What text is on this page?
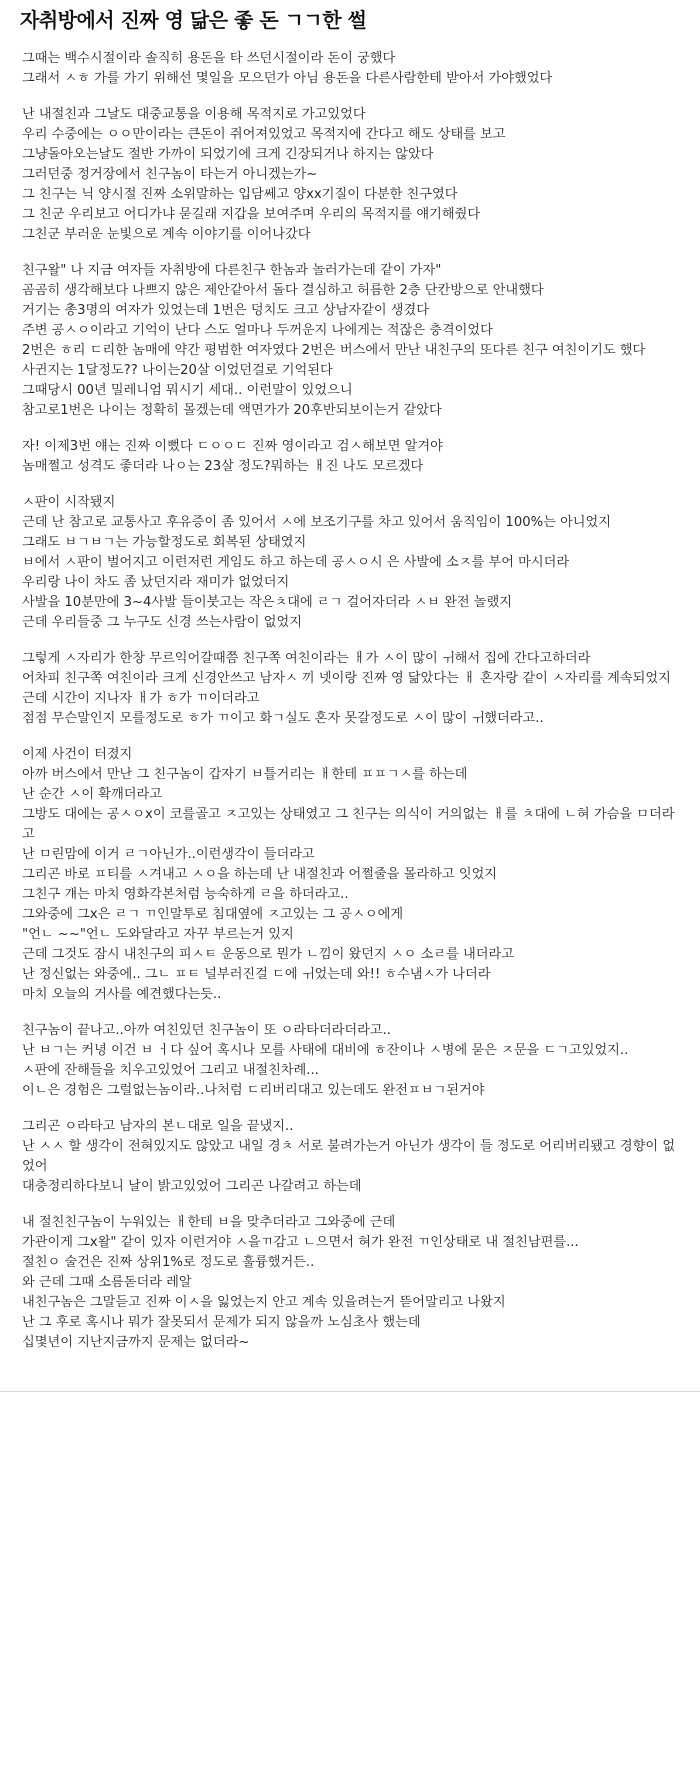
자취방에서 진짜 영 닮은 좋 돈 ㄱㄱ한 썰
그때는 백수시절이라 솔직히 용돈을 타 쓰던시절이라 돈이 궁했다
그래서 ㅅㅎ 가를 가기 위해선 몇일을 모으던가 아님 용돈을 다른사람한테 받아서 가야했었다
난 내절친과 그날도 대중교통을 이용해 목적지로 가고있었다
우리 수중에는 ㅇㅇ만이라는 큰돈이 쥐어져있었고 목적지에 간다고 해도 상태를 보고
그냥돌아오는날도 절반 가까이 되었기에 크게 긴장되거나 하지는 않았다
그러던중 정거장에서 친구놈이 타는거 아니겠는가~
그 친구는 닉 양시절 진짜 소위말하는 입담쎄고 양xx기질이 다분한 친구였다
그 친군 우리보고 어디가냐 묻길래 지갑을 보여주며 우리의 목적지를 얘기해줬다
그친군 부러운 눈빛으로 계속 이야기를 이어나갔다
친구왈" 나 지금 여자들 자취방에 다른친구 한놈과 놀러가는데 같이 가자"
곰곰히 생각해보다 나쁘지 않은 제안같아서 돌다 결심하고 허름한 2층 단칸방으로 안내했다
거기는 총3명의 여자가 있었는데 1번은 덩치도 크고 상남자같이 생겼다
주변 공ㅅㅇ이라고 기억이 난다 스도 얼마나 두꺼운지 나에게는 적잖은 충격이었다
2번은 ㅎ리 ㄷ리한 놈매에 약간 평범한 여자였다 2번은 버스에서 만난 내친구의 또다른 친구 여친이기도 했다
사귄지는 1달정도?? 나이는20살 이었던걸로 기억된다
그때당시 00년 밀레니엄 뭐시기 세대.. 이런말이 있었으니
참고로1번은 나이는 정확히 몰겠는데 액면가가 20후반되보이는거 같았다
자! 이제3번 얘는 진짜 이뻤다 ㄷㅇㅇㄷ 진짜 영이라고 검ㅅ해보면 알겨야
놈매쩔고 성격도 좋더라 나ㅇ는 23살 정도?뭐하는 ㅐ진 나도 모르겠다
ㅅ판이 시작됐지
근데 난 참고로 교통사고 후유증이 좀 있어서 ㅅ에 보조기구를 차고 있어서 움직임이 100%는 아니었지
그래도 ㅂㄱㅂㄱ는 가능할정도로 회복된 상태였지
ㅂ에서 ㅅ판이 벌어지고 이런저런 게임도 하고 하는데 공ㅅㅇ시 은 사발에 소ㅈ를 부어 마시더라
우리랑 나이 차도 좀 났던지라 재미가 없었더지
사발을 10분만에 3~4사발 들이붓고는 작은ㅊ대에 ㄹㄱ 걸어자더라 ㅅㅂ 완전 놀랬지
근데 우리들중 그 누구도 신경 쓰는사람이 없었지
그렇게 ㅅ자리가 한창 무르익어갈때쯤 친구쪽 여친이라는 ㅐ가 ㅅ이 많이 ㅟ해서 집에 간다고하더라
어차피 친구쪽 여친이라 크게 신경안쓰고 남자ㅅ 끼 넷이랑 진짜 영 닮았다는 ㅐ 혼자랑 같이 ㅅ자리를 계속되었지
근데 시간이 지나자 ㅐ가 ㅎ가 ㄲ이더라고
점점 무슨말인지 모를정도로 ㅎ가 ㄲ이고 화ㄱ실도 혼자 못갈정도로 ㅅ이 많이 ㅟ했더라고..
이제 사건이 터졌지
아까 버스에서 만난 그 친구놈이 갑자기 ㅂ틀거리는 ㅐ한테 ㅍㅍㄱㅅ를 하는데
난 순간 ㅅ이 확깨더라고
그방도 대에는 공ㅅㅇx이 코를골고 ㅈ고있는 상태였고 그 친구는 의식이 거의없는 ㅐ를 ㅊ대에 ㄴ혀 가슴을 ㅁ더라고
난 ㅁ린맘에 이거 ㄹㄱ아닌가..이런생각이 들더라고
그리곤 바로 ㅍ티를 ㅅ겨내고 ㅅㅇ을 하는데 난 내절친과 어쩔줄을 몰라하고 잇었지
그친구 걔는 마치 영화각본처럼 능숙하게 ㄹ을 하더라고..
그와중에 그x은 ㄹㄱ ㄲ인말투로 침대옆에 ㅈ고있는 그 공ㅅㅇ에게
"언ㄴ ~~"언ㄴ 도와달라고 자꾸 부르는거 있지
근데 그것도 잠시 내친구의 피ㅅㅌ 운동으로 뭔가 ㄴ낌이 왔던지 ㅅㅇ 소ㄹ를 내더라고
난 정신없는 와중에.. 그ㄴ ㅍㅌ 널부러진걸 ㄷ에 ㅟ었는데 와!! ㅎ수냄ㅅ가 나더라
마치 오늘의 거사를 예견했다는듯..
친구놈이 끝나고..아까 여친있던 친구놈이 또 ㅇ라타더라더라고..
난 ㅂㄱ는 커녕 이건 ㅂ ㅓ다 싶어 혹시나 모를 사태에 대비에 ㅎ잔이나 ㅅ병에 묻은 ㅈ문을 ㄷㄱ고있었지..
ㅅ판에 잔해들을 치우고있었어 그리고 내절친차례...
이ㄴ은 경험은 그럴없는놈이라..나처럼 ㄷ리버리대고 있는데도 완전ㅍㅂㄱ된거야
그리곤 ㅇ라타고 남자의 본ㄴ대로 일을 끝냈지..
난 ㅅㅅ 할 생각이 전혀있지도 않았고 내일 경ㅊ 서로 불려가는거 아닌가 생각이 들 정도로 어리버리됐고 경향이 없었어
대충정리하다보니 날이 밝고있었어 그리곤 나갈려고 하는데
내 절친친구놈이 누워있는 ㅐ한테 ㅂ을 맞추더라고 그와중에 근데
가관이게 그x왈" 같이 있자 이런거야 ㅅ을ㄲ감고 ㄴ으면서 혀가 완전 ㄲ인상태로 내 절친남편를...
절친ㅇ 술건은 진짜 상위1%로 정도로 훌륭했거든..
와 근데 그때 소름돋더라 레알
내친구놈은 그말듣고 진짜 이ㅅ을 잃었는지 안고 계속 있을려는거 뜯어말리고 나왔지
난 그 후로 혹시나 뭐가 잘못되서 문제가 되지 않을까 노심초사 했는데
십몇년이 지난지금까지 문제는 없더라~
